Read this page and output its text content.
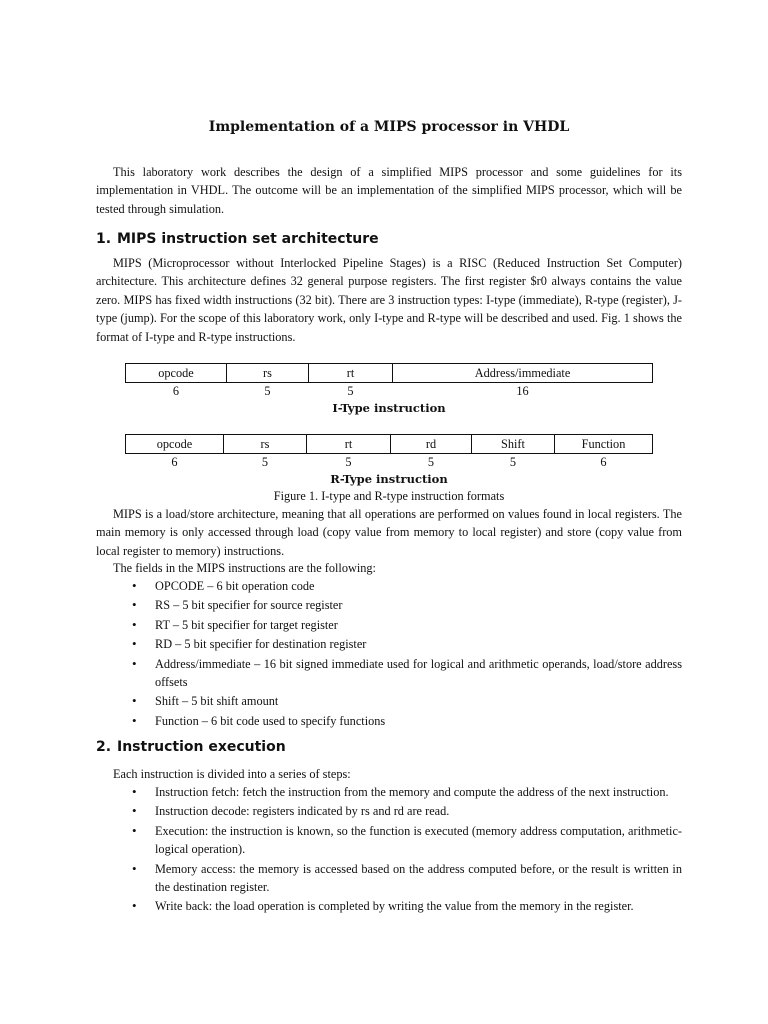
Implementation of a MIPS processor in VHDL

This laboratory work describes the design of a simplified MIPS processor and some guidelines for its implementation in VHDL. The outcome will be an implementation of the simplified MIPS processor, which will be tested through simulation.

1. MIPS instruction set architecture

MIPS (Microprocessor without Interlocked Pipeline Stages) is a RISC (Reduced Instruction Set Computer) architecture. This architecture defines 32 general purpose registers. The first register $r0 always contains the value zero. MIPS has fixed width instructions (32 bit). There are 3 instruction types: I-type (immediate), R-type (register), J-type (jump). For the scope of this laboratory work, only I-type and R-type will be described and used. Fig. 1 shows the format of I-type and R-type instructions.

opcode	rs	rt	Address/immediate
6	5	5	16
I-Type instruction
opcode	rs	rt	rd	Shift	Function
6	5	5	5	5	6
R-Type instruction
Figure 1. I-type and R-type instruction formats

MIPS is a load/store architecture, meaning that all operations are performed on values found in local registers. The main memory is only accessed through load (copy value from memory to local register) and store (copy value from local register to memory) instructions.

The fields in the MIPS instructions are the following:

• OPCODE – 6 bit operation code
• RS – 5 bit specifier for source register
• RT – 5 bit specifier for target register
• RD – 5 bit specifier for destination register
• Address/immediate – 16 bit signed immediate used for logical and arithmetic operands, load/store address offsets
• Shift – 5 bit shift amount
• Function – 6 bit code used to specify functions
2. Instruction execution

Each instruction is divided into a series of steps:

• Instruction fetch: fetch the instruction from the memory and compute the address of the next instruction.
• Instruction decode: registers indicated by rs and rd are read.
• Execution: the instruction is known, so the function is executed (memory address computation, arithmetic-logical operation).
• Memory access: the memory is accessed based on the address computed before, or the result is written in the destination register.
• Write back: the load operation is completed by writing the value from the memory in the register.
